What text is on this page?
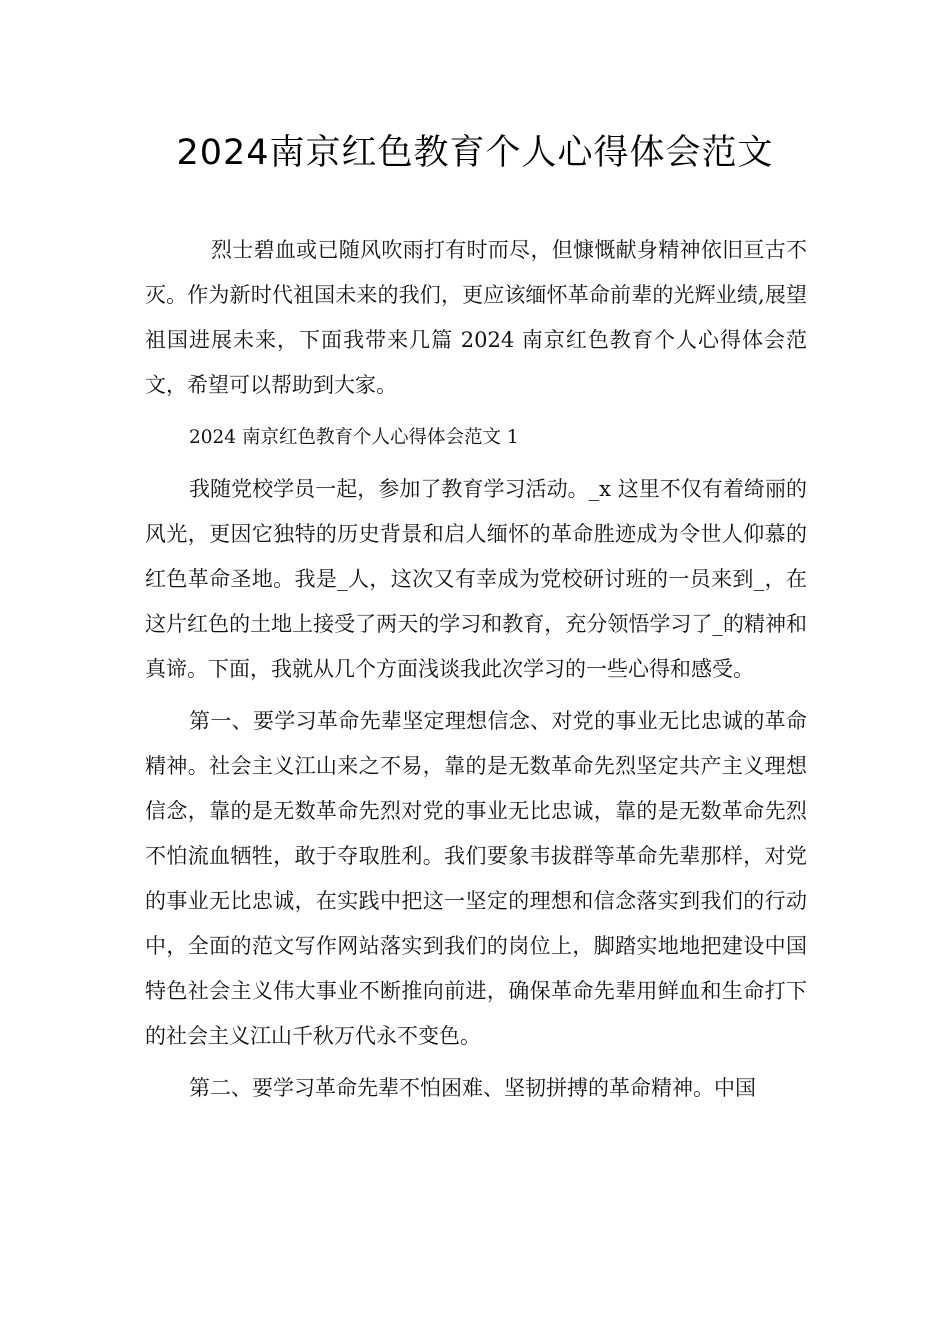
2024南京红色教育个人心得体会范文

烈士碧血或已随风吹雨打有时而尽，但慷慨献身精神依旧亘古不灭。作为新时代祖国未来的我们，更应该缅怀革命前辈的光辉业绩,展望祖国进展未来，下面我带来几篇 2024 南京红色教育个人心得体会范文，希望可以帮助到大家。

2024 南京红色教育个人心得体会范文 1

我随党校学员一起，参加了教育学习活动。_x 这里不仅有着绮丽的风光，更因它独特的历史背景和启人缅怀的革命胜迹成为令世人仰慕的红色革命圣地。我是_人，这次又有幸成为党校研讨班的一员来到_，在这片红色的土地上接受了两天的学习和教育，充分领悟学习了_的精神和真谛。下面，我就从几个方面浅谈我此次学习的一些心得和感受。

第一、要学习革命先辈坚定理想信念、对党的事业无比忠诚的革命精神。社会主义江山来之不易，靠的是无数革命先烈坚定共产主义理想信念，靠的是无数革命先烈对党的事业无比忠诚，靠的是无数革命先烈不怕流血牺牲，敢于夺取胜利。我们要象韦拔群等革命先辈那样，对党的事业无比忠诚，在实践中把这一坚定的理想和信念落实到我们的行动中，全面的范文写作网站落实到我们的岗位上，脚踏实地地把建设中国特色社会主义伟大事业不断推向前进，确保革命先辈用鲜血和生命打下的社会主义江山千秋万代永不变色。

第二、要学习革命先辈不怕困难、坚韧拼搏的革命精神。中国
